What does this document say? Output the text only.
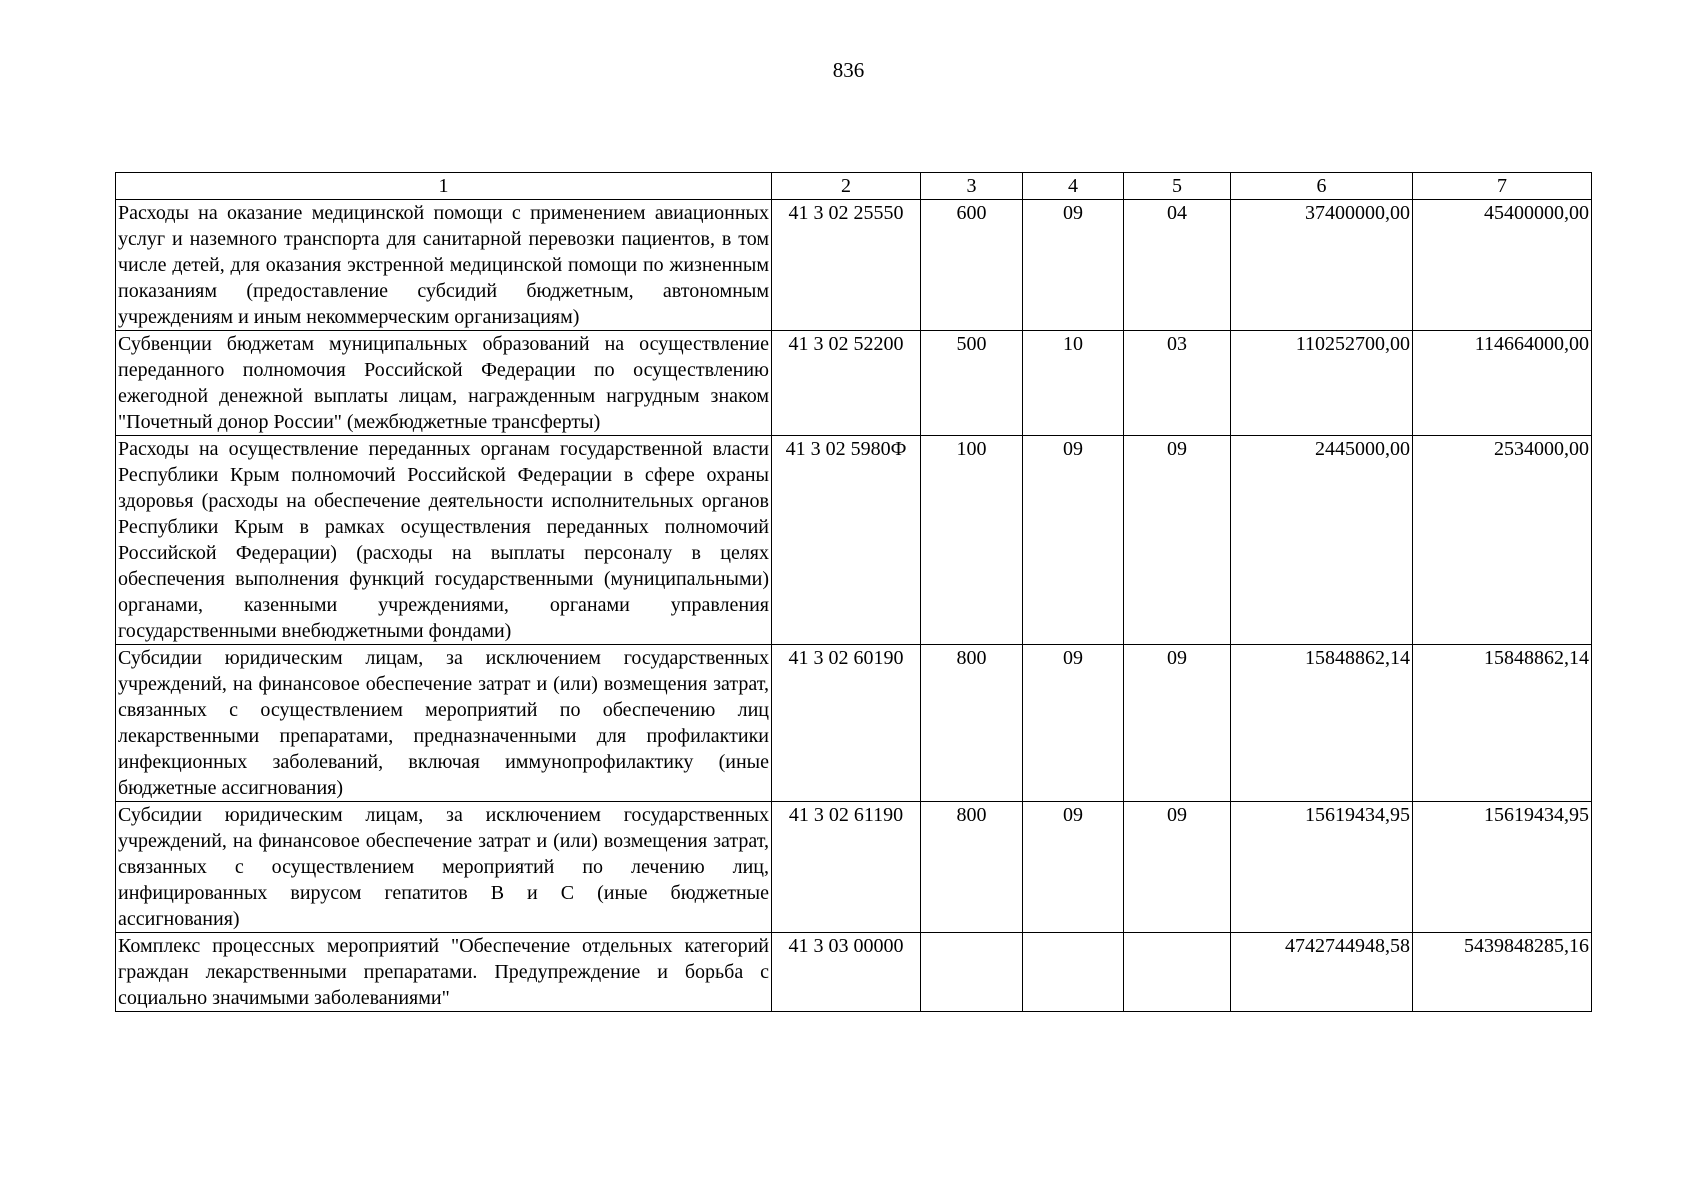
836
1	2	3	4	5	6	7
Расходы на оказание медицинской помощи с применением авиационных услуг и наземного транспорта для санитарной перевозки пациентов, в том числе детей, для оказания экстренной медицинской помощи по жизненным показаниям (предоставление субсидий бюджетным, автономным учреждениям и иным некоммерческим организациям)	41 3 02 25550	600	09	04	37400000,00	45400000,00
Субвенции бюджетам муниципальных образований на осуществление переданного полномочия Российской Федерации по осуществлению ежегодной денежной выплаты лицам, награжденным нагрудным знаком "Почетный донор России" (межбюджетные трансферты)	41 3 02 52200	500	10	03	110252700,00	114664000,00
Расходы на осуществление переданных органам государственной власти Республики Крым полномочий Российской Федерации в сфере охраны здоровья (расходы на обеспечение деятельности исполнительных органов Республики Крым в рамках осуществления переданных полномочий Российской Федерации) (расходы на выплаты персоналу в целях обеспечения выполнения функций государственными (муниципальными) органами, казенными учреждениями, органами управления государственными внебюджетными фондами)	41 3 02 5980Ф	100	09	09	2445000,00	2534000,00
Субсидии юридическим лицам, за исключением государственных учреждений, на финансовое обеспечение затрат и (или) возмещения затрат, связанных с осуществлением мероприятий по обеспечению лиц лекарственными препаратами, предназначенными для профилактики инфекционных заболеваний, включая иммунопрофилактику (иные бюджетные ассигнования)	41 3 02 60190	800	09	09	15848862,14	15848862,14
Субсидии юридическим лицам, за исключением государственных учреждений, на финансовое обеспечение затрат и (или) возмещения затрат, связанных с осуществлением мероприятий по лечению лиц, инфицированных вирусом гепатитов В и С (иные бюджетные ассигнования)	41 3 02 61190	800	09	09	15619434,95	15619434,95
Комплекс процессных мероприятий "Обеспечение отдельных категорий граждан лекарственными препаратами. Предупреждение и борьба с социально значимыми заболеваниями"	41 3 03 00000				4742744948,58	5439848285,16
